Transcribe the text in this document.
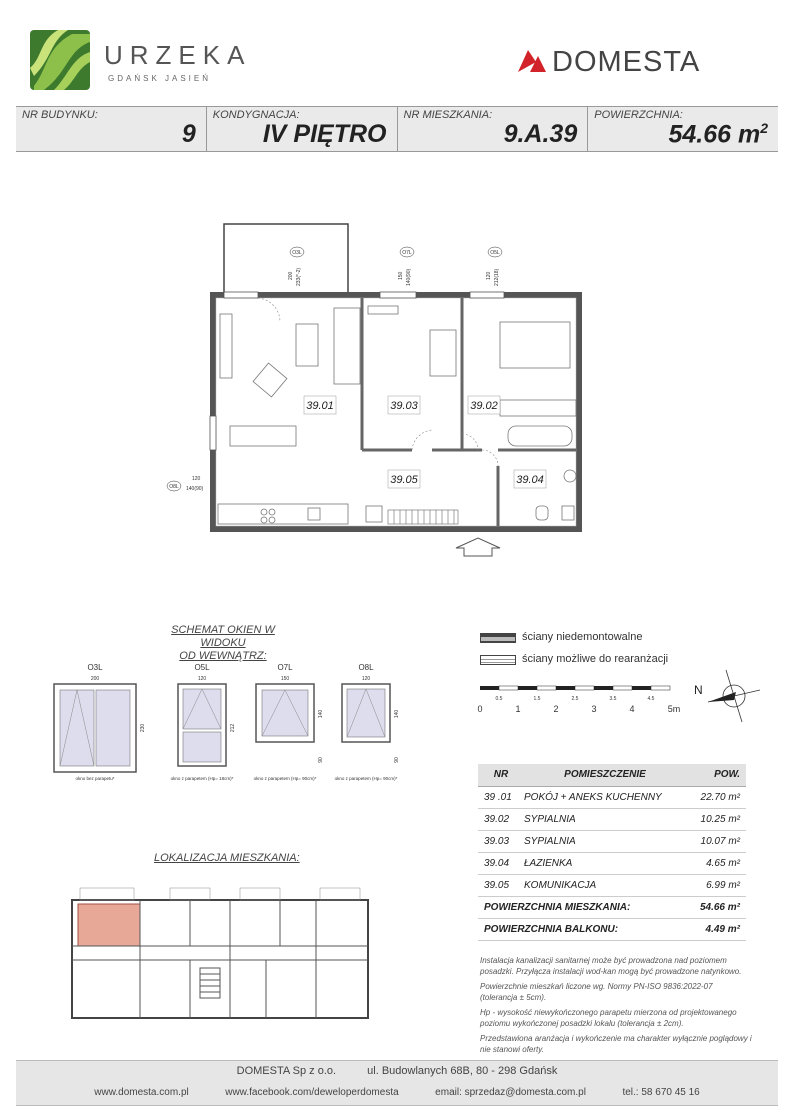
URZEKA
GDAŃSK JASIEŃ
DOMESTA
NR BUDYNKU:
9
KONDYGNACJA:
IV PIĘTRO
NR MIESZKANIA:
9.A.39
POWIERZCHNIA:
54.66 $m^2$
O3L	O7L	O5L
O8L
200 233(*-2)	150 140(90)	120 212(18)
120
140(90)
39.01	39.03	39.02
39.05	39.04
ściany niedemontowalne
ściany możliwe do rearanżacji
SCHEMAT OKIEN W WIDOKU
OD WEWNĄTRZ:
O3L
200
230
okno bez parapetu*
O5L
120
212
okno z parapetem (Hp= 18cm)*
O7L
150
140
90
okno z parapetem (Hp= 90cm)*
O8L
120
140
90
okno z parapetem (Hp= 90cm)*
0.5	1.5	2.5	3.5	4.5
0	1	2	3	4	5m
N
NR	POMIESZCZENIE	POW.
39 .01	POKÓJ + ANEKS KUCHENNY	22.70 m²
39.02	SYPIALNIA	10.25 m²
39.03	SYPIALNIA	10.07 m²
39.04	ŁAZIENKA	4.65 m²
39.05	KOMUNIKACJA	6.99 m²
POWIERZCHNIA MIESZKANIA:		54.66 m²
POWIERZCHNIA BALKONU:		4.49 m²

Instalacja kanalizacji sanitarnej może być prowadzona nad poziomem posadzki. Przyłącza instalacji wod-kan mogą być prowadzone natynkowo.

Powierzchnie mieszkań liczone wg. Normy PN-ISO 9836:2022-07 (tolerancja ± 5cm).

Hp - wysokość niewykończonego parapetu mierzona od projektowanego poziomu wykończonej posadzki lokalu (tolerancja ± 2cm).

Przedstawiona aranżacja i wykończenie ma charakter wyłącznie poglądowy i nie stanowi oferty.

LOKALIZACJA MIESZKANIA:
DOMESTA Sp z o.o.	ul. Budowlanych 68B, 80 - 298 Gdańsk
www.domesta.com.pl	www.facebook.com/deweloperdomesta	email: sprzedaz@domesta.com.pl	tel.: 58 670 45 16
